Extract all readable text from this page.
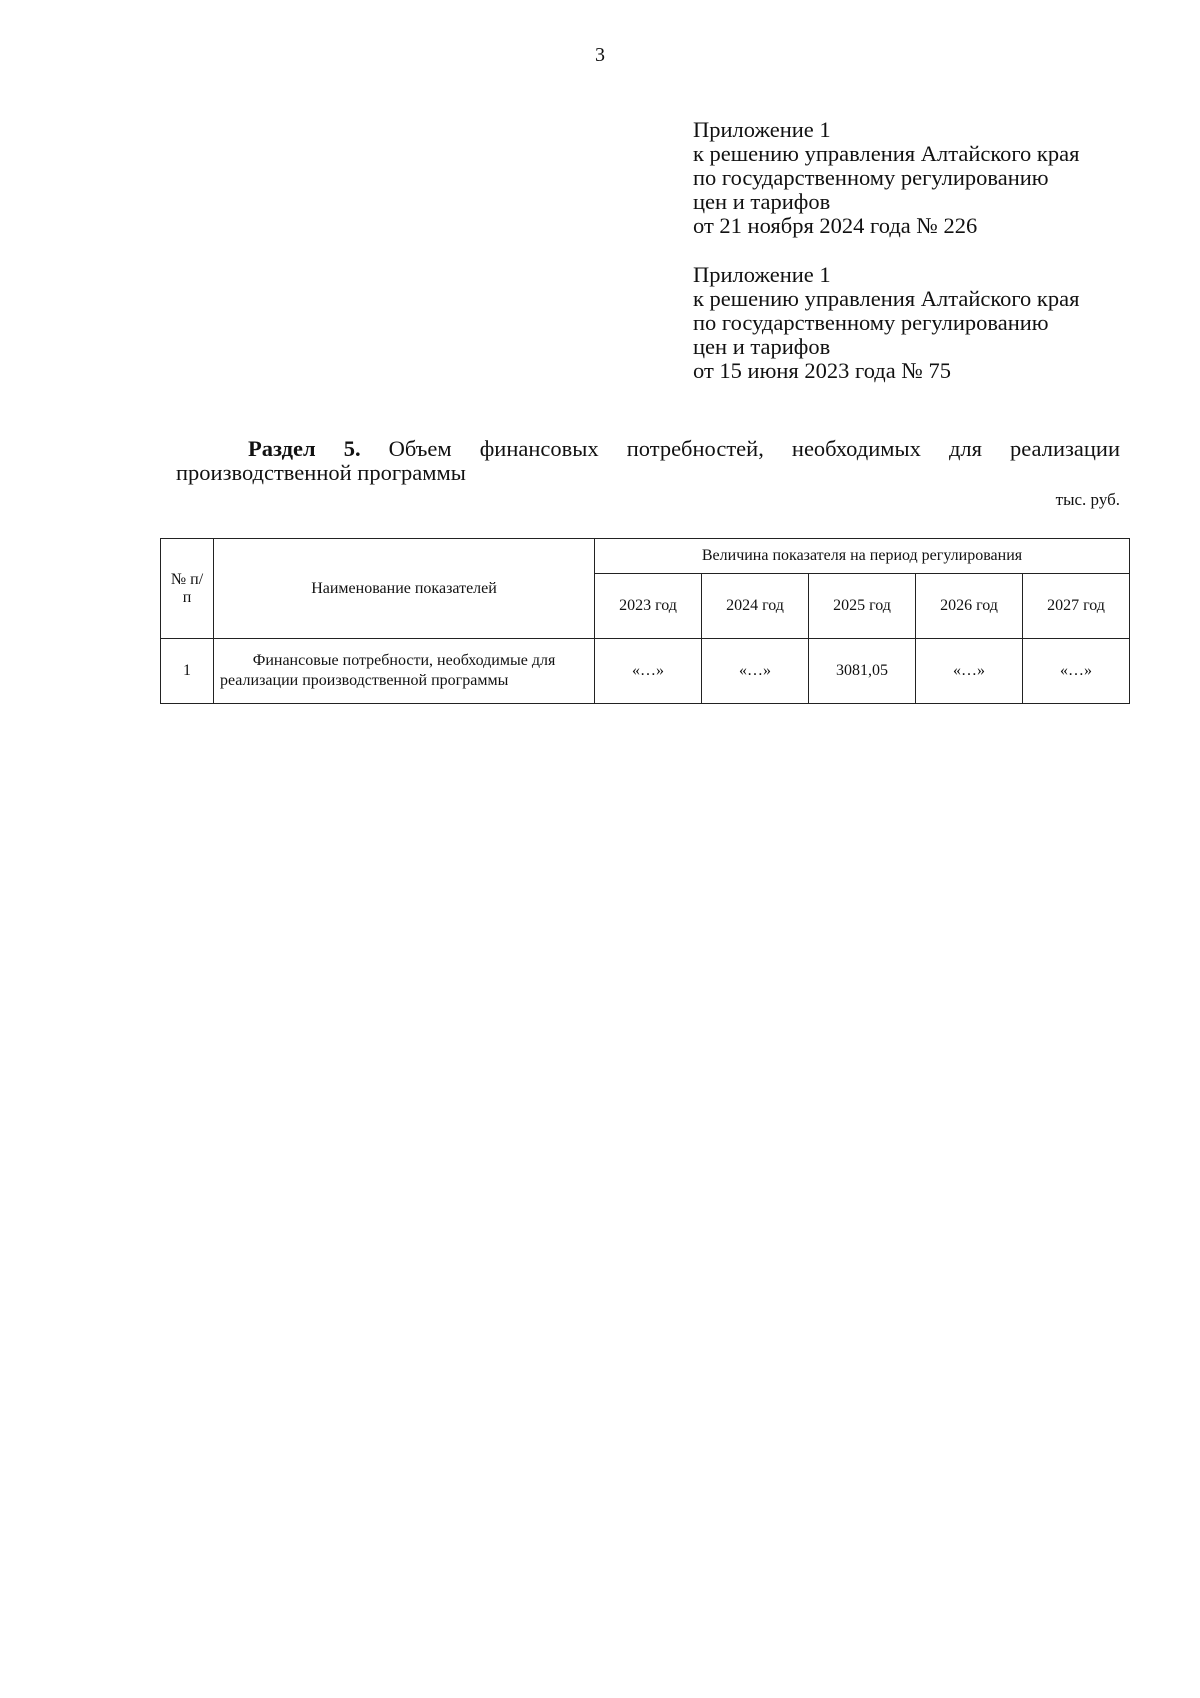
3
Приложение 1
к решению управления Алтайского края
по государственному регулированию
цен и тарифов
от 21 ноября 2024 года № 226
Приложение 1
к решению управления Алтайского края
по государственному регулированию
цен и тарифов
от 15 июня 2023 года № 75
Раздел 5. Объем финансовых потребностей, необходимых для реализации
производственной программы
тыс. руб.
№ п/п	Наименование показателей	Величина показателя на период регулирования				
		2023 год	2024 год	2025 год	2026 год	2027 год
1	Финансовые потребности, необходимые для реализации производственной программы	«…»	«…»	3081,05	«…»	«…»
